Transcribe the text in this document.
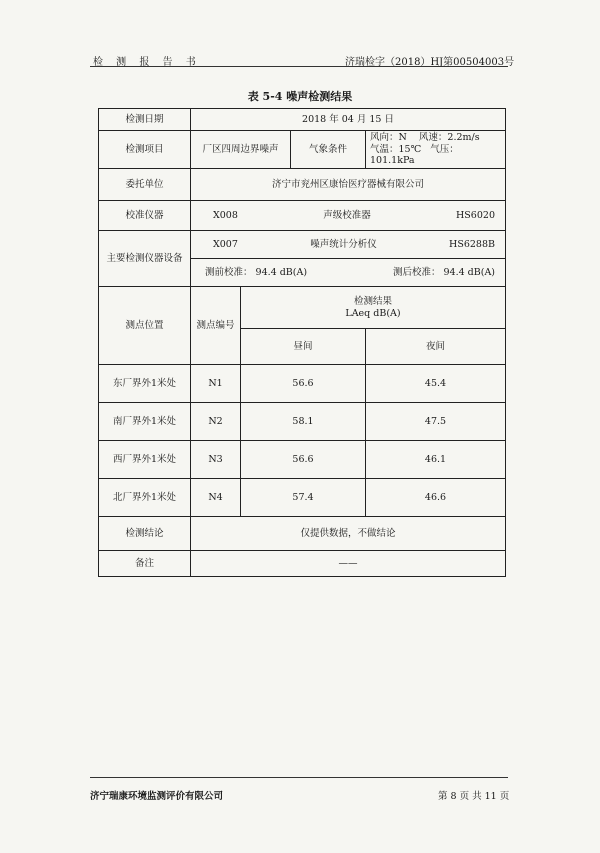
检 测 报 告 书	济瑞检字（2018）HJ第00504003号
表 5-4 噪声检测结果
检测日期	2018 年 04 月 15 日			
检测项目	厂区四周边界噪声		气象条件	风向：N 风速：2.2m/s
气温：15℃ 气压：101.1kPa

委托单位	济宁市兖州区康怡医疗器械有限公司			
校准仪器	X008 声级校准器 HS6020			

主要检测仪器设备	X007 噪声统计分析仪 HS6288B			

	测前校准： 94.4 dB(A) 测后校准： 94.4 dB(A)			

测点位置	测点编号	检测结果
LAeq dB(A)		

		昼间		夜间
东厂界外1米处	N1	56.6		45.4
南厂界外1米处	N2	58.1		47.5
西厂界外1米处	N3	56.6		46.1
北厂界外1米处	N4	57.4		46.6
检测结论	仅提供数据，不做结论			
备注	——			
济宁瑞康环境监测评价有限公司	第 8 页 共 11 页
